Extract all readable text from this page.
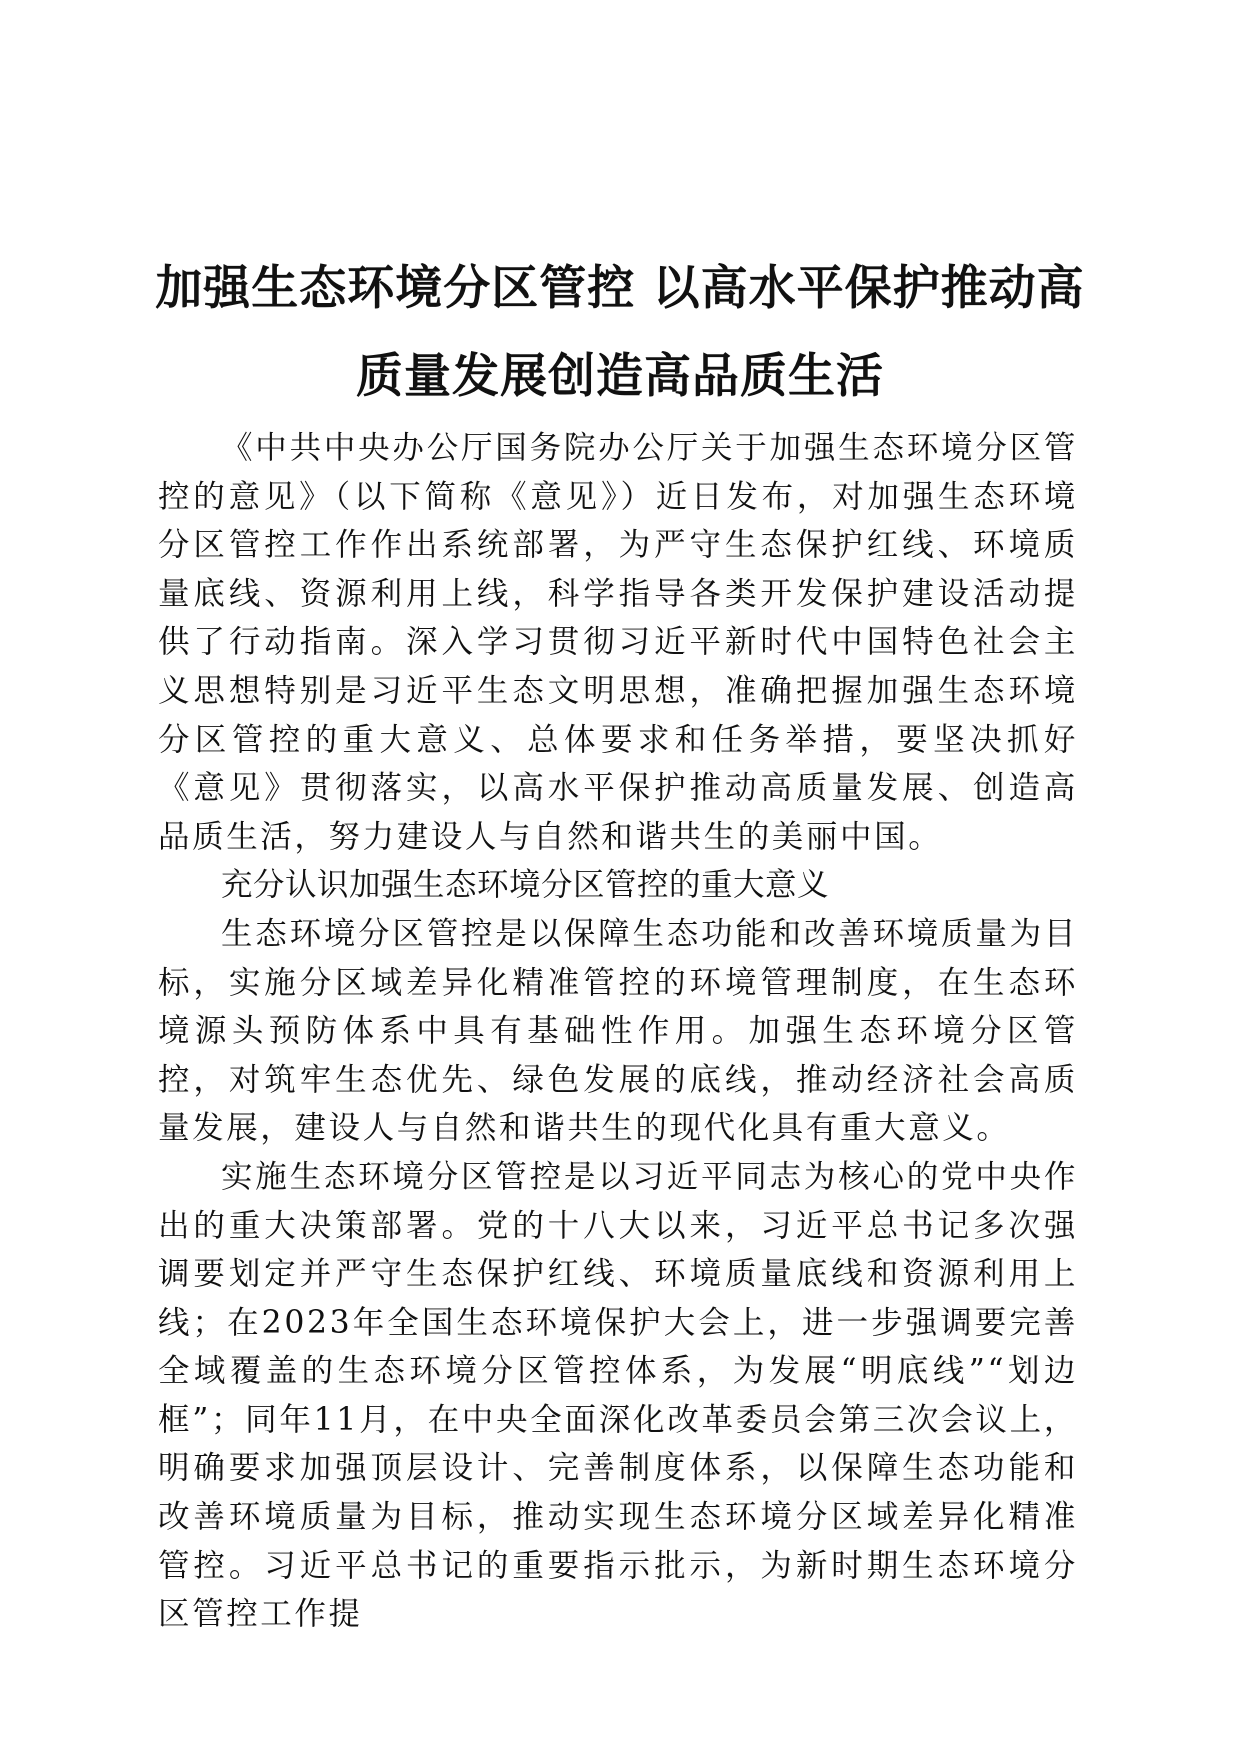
加强生态环境分区管控 以高水平保护推动高
质量发展创造高品质生活

《中共中央办公厅国务院办公厅关于加强生态环境分区管控的意见》（以下简称《意见》）近日发布，对加强生态环境分区管控工作作出系统部署，为严守生态保护红线、环境质量底线、资源利用上线，科学指导各类开发保护建设活动提供了行动指南。深入学习贯彻习近平新时代中国特色社会主义思想特别是习近平生态文明思想，准确把握加强生态环境分区管控的重大意义、总体要求和任务举措，要坚决抓好《意见》贯彻落实，以高水平保护推动高质量发展、创造高品质生活，努力建设人与自然和谐共生的美丽中国。

充分认识加强生态环境分区管控的重大意义

生态环境分区管控是以保障生态功能和改善环境质量为目标，实施分区域差异化精准管控的环境管理制度，在生态环境源头预防体系中具有基础性作用。加强生态环境分区管控，对筑牢生态优先、绿色发展的底线，推动经济社会高质量发展，建设人与自然和谐共生的现代化具有重大意义。

实施生态环境分区管控是以习近平同志为核心的党中央作出的重大决策部署。党的十八大以来，习近平总书记多次强调要划定并严守生态保护红线、环境质量底线和资源利用上线；在2023年全国生态环境保护大会上，进一步强调要完善全域覆盖的生态环境分区管控体系，为发展“明底线”“划边框”；同年11月，在中央全面深化改革委员会第三次会议上，明确要求加强顶层设计、完善制度体系，以保障生态功能和改善环境质量为目标，推动实现生态环境分区域差异化精准管控。习近平总书记的重要指示批示，为新时期生态环境分区管控工作提
